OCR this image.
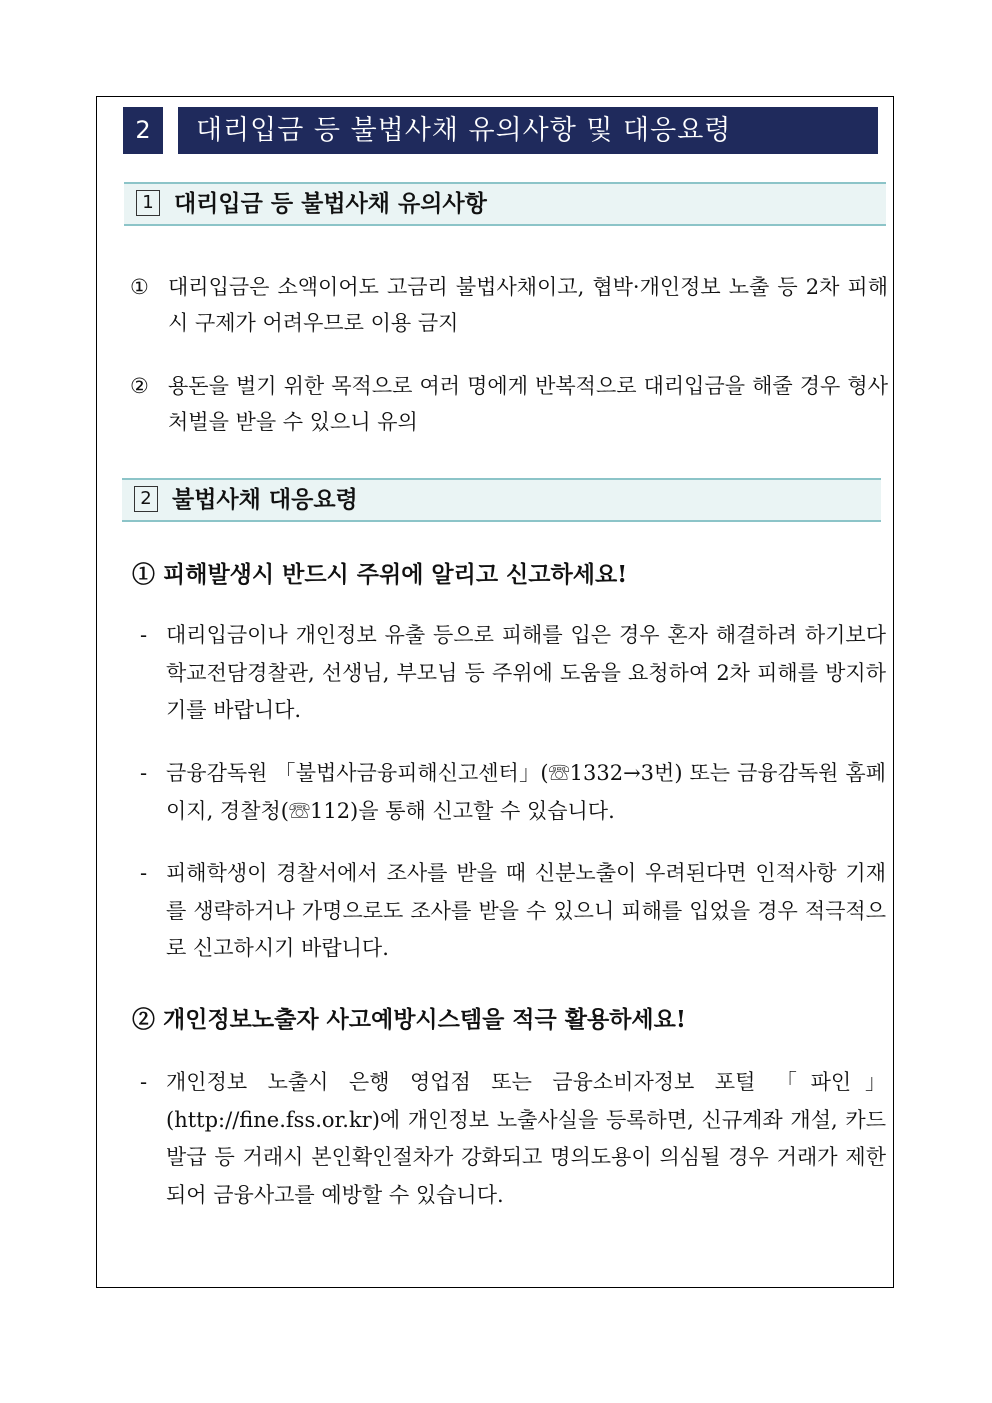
2	대리입금 등 불법사채 유의사항 및 대응요령
1 대리입금 등 불법사채 유의사항
① 대리입금은 소액이어도 고금리 불법사채이고, 협박·개인정보 노출 등 2차 피해시 구제가 어려우므로 이용 금지
② 용돈을 벌기 위한 목적으로 여러 명에게 반복적으로 대리입금을 해줄 경우 형사처벌을 받을 수 있으니 유의
2 불법사채 대응요령
① 피해발생시 반드시 주위에 알리고 신고하세요!
- 대리입금이나 개인정보 유출 등으로 피해를 입은 경우 혼자 해결하려 하기보다 학교전담경찰관, 선생님, 부모님 등 주위에 도움을 요청하여 2차 피해를 방지하기를 바랍니다.
- 금융감독원 「불법사금융피해신고센터」(☏1332→3번) 또는 금융감독원 홈페이지, 경찰청(☏112)을 통해 신고할 수 있습니다.
- 피해학생이 경찰서에서 조사를 받을 때 신분노출이 우려된다면 인적사항 기재를 생략하거나 가명으로도 조사를 받을 수 있으니 피해를 입었을 경우 적극적으로 신고하시기 바랍니다.
② 개인정보노출자 사고예방시스템을 적극 활용하세요!
- 개인정보 노출시 은행 영업점 또는 금융소비자정보 포털 「파인」(http://fine.fss.or.kr)에 개인정보 노출사실을 등록하면, 신규계좌 개설, 카드발급 등 거래시 본인확인절차가 강화되고 명의도용이 의심될 경우 거래가 제한되어 금융사고를 예방할 수 있습니다.
